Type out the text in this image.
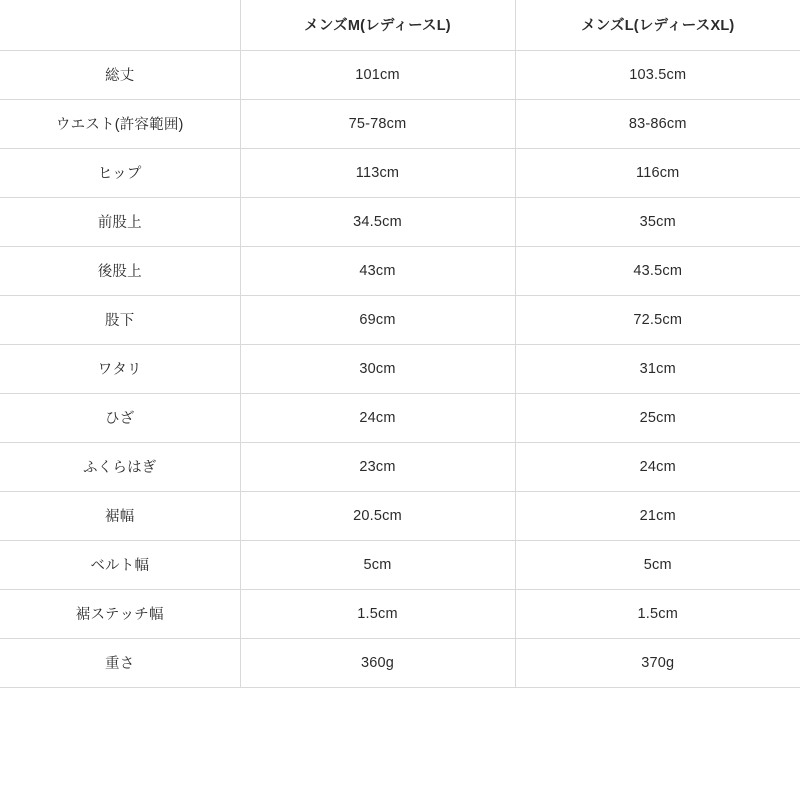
	メンズM(レディースL)	メンズL(レディースXL)
総丈	101cm	103.5cm
ウエスト(許容範囲)	75-78cm	83-86cm
ヒップ	113cm	116cm
前股上	34.5cm	35cm
後股上	43cm	43.5cm
股下	69cm	72.5cm
ワタリ	30cm	31cm
ひざ	24cm	25cm
ふくらはぎ	23cm	24cm
裾幅	20.5cm	21cm
ベルト幅	5cm	5cm
裾ステッチ幅	1.5cm	1.5cm
重さ	360g	370g
